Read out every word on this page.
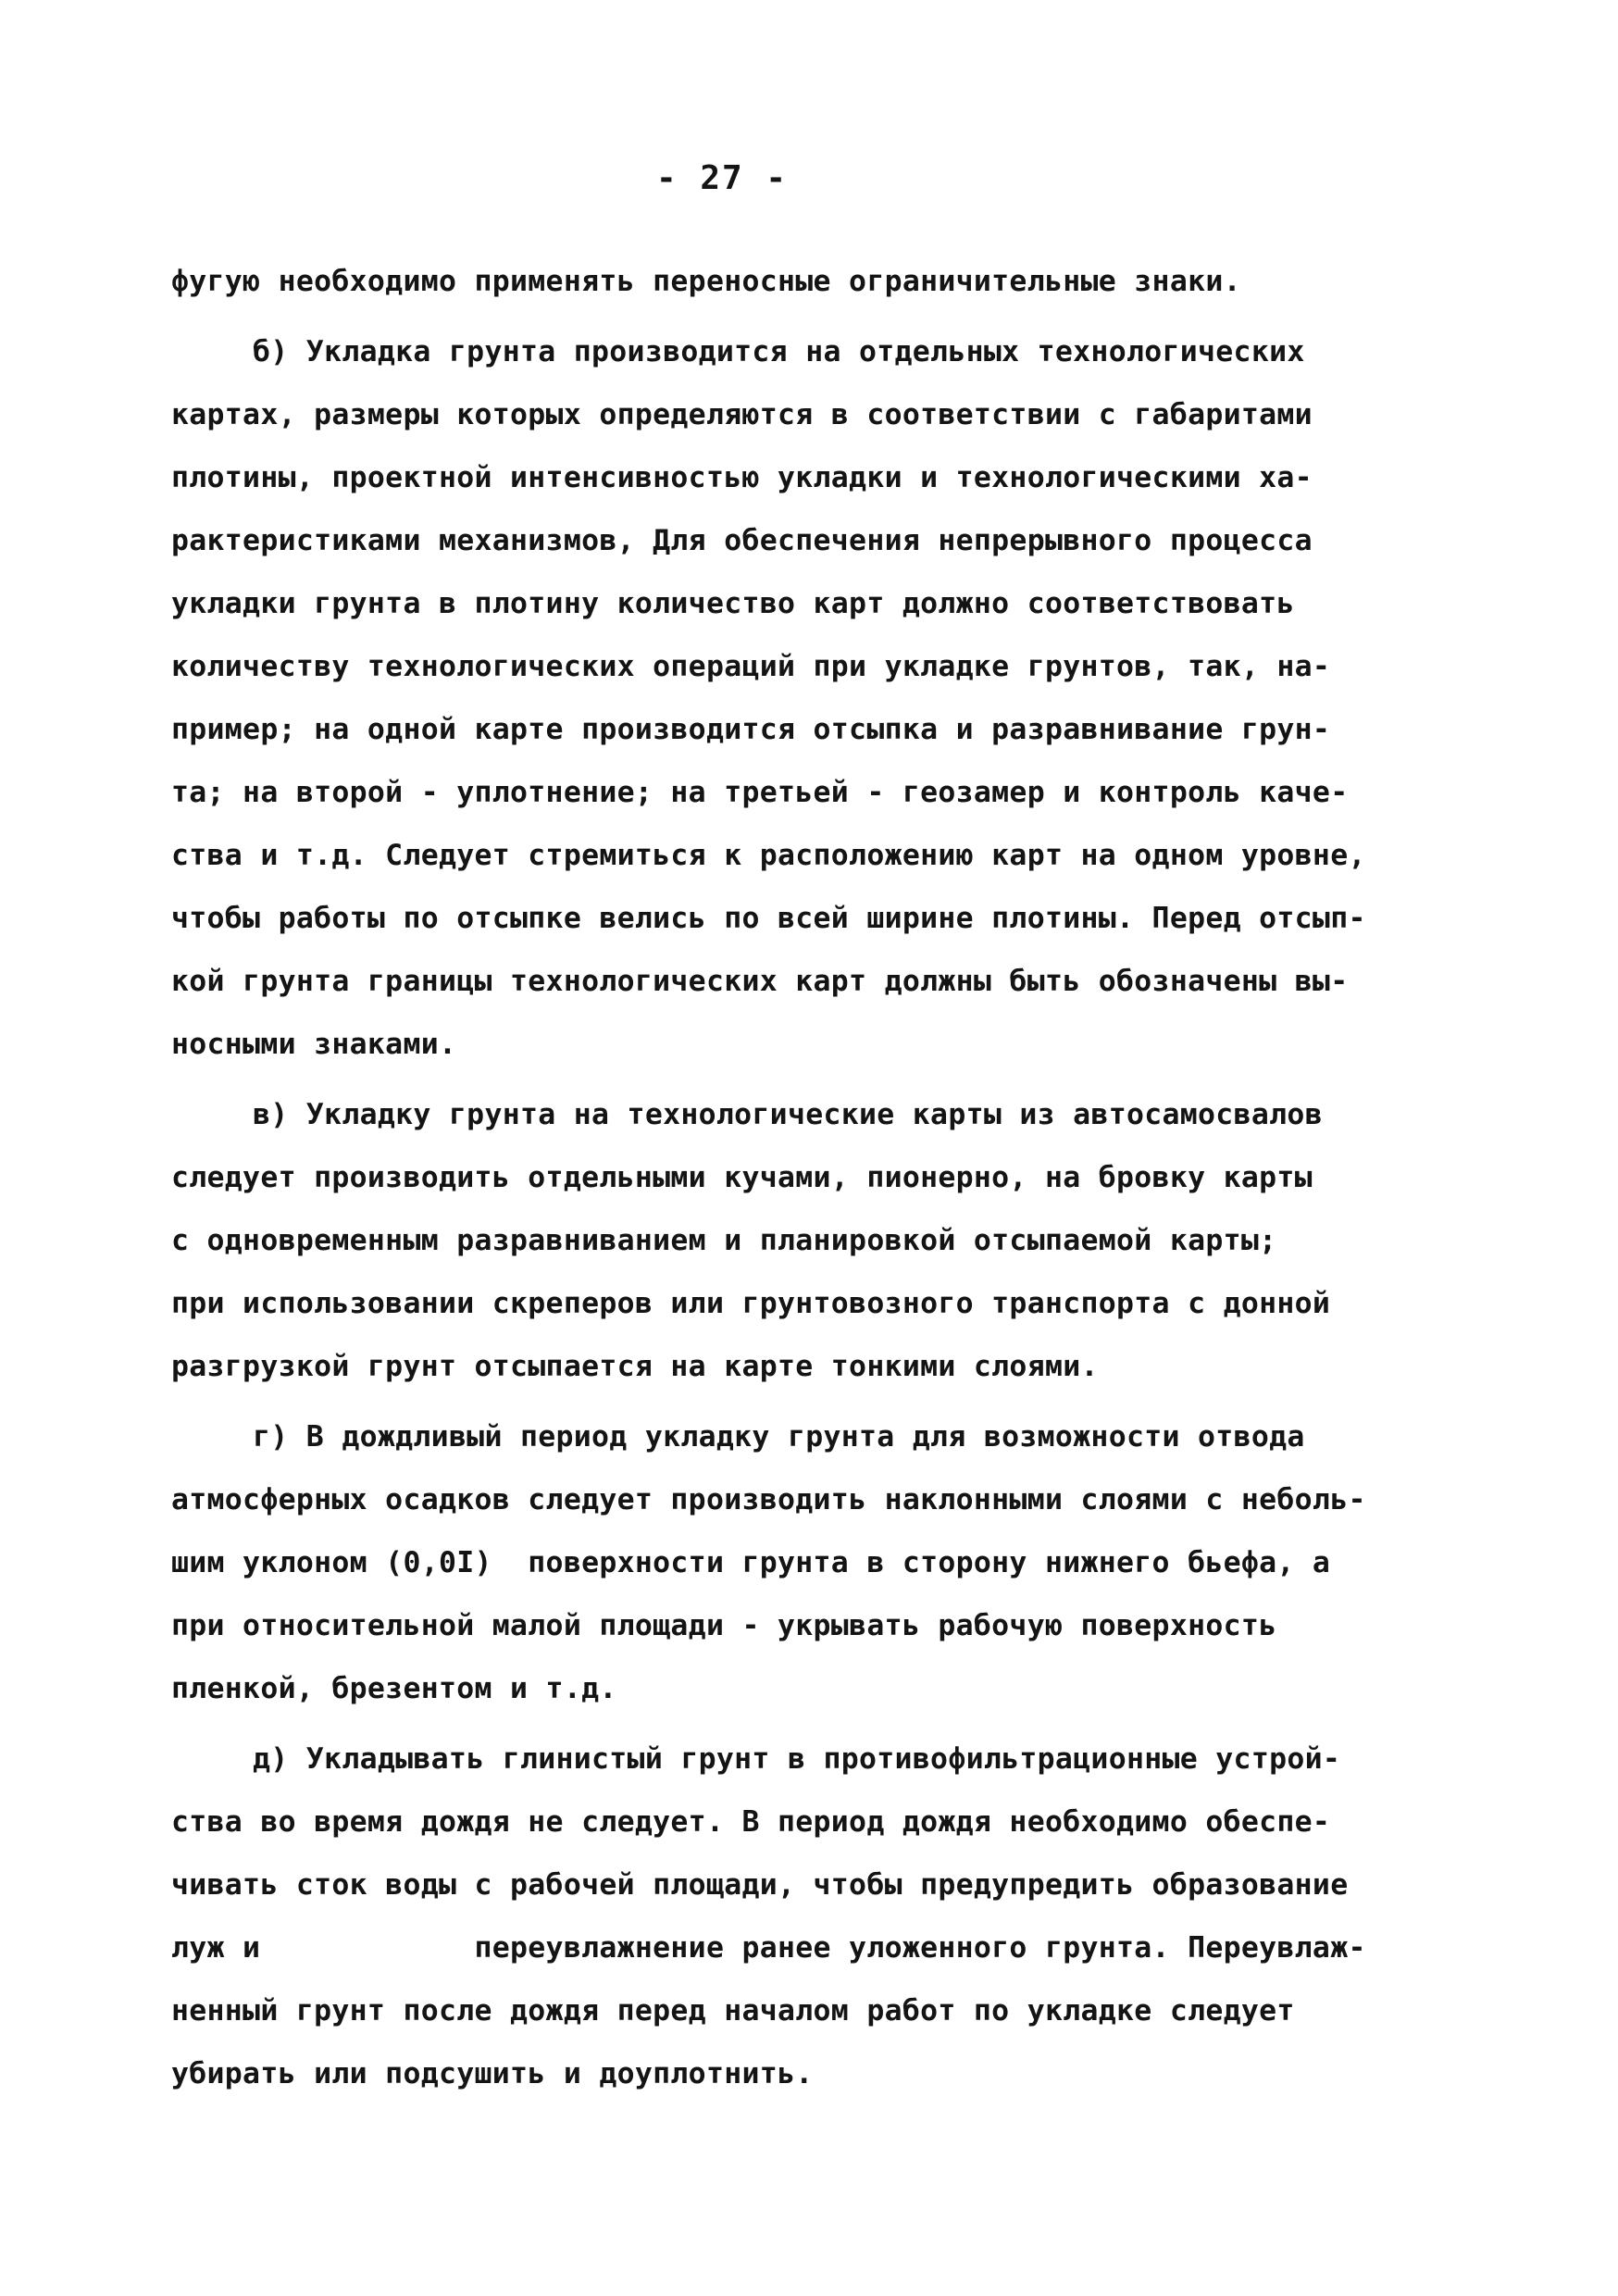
- 27 -
фугую необходимо применять переносные ограничительные знаки.
б) Укладка грунта производится на отдельных технологических
картах, размеры которых определяются в соответствии с габаритами
плотины, проектной интенсивностью укладки и технологическими ха-
рактеристиками механизмов, Для обеспечения непрерывного процесса
укладки грунта в плотину количество карт должно соответствовать
количеству технологических операций при укладке грунтов, так, на-
пример; на одной карте производится отсыпка и разравнивание грун-
та; на второй - уплотнение; на третьей - геозамер и контроль каче-
ства и т.д. Следует стремиться к расположению карт на одном уровне,
чтобы работы по отсыпке велись по всей ширине плотины. Перед отсып-
кой грунта границы технологических карт должны быть обозначены вы-
носными знаками.
в) Укладку грунта на технологические карты из автосамосвалов
следует производить отдельными кучами, пионерно, на бровку карты
с одновременным разравниванием и планировкой отсыпаемой карты;
при использовании скреперов или грунтовозного транспорта с донной
разгрузкой грунт отсыпается на карте тонкими слоями.
г) В дождливый период укладку грунта для возможности отвода
атмосферных осадков следует производить наклонными слоями с неболь-
шим уклоном (0,0I)  поверхности грунта в сторону нижнего бьефа, а
при относительной малой площади - укрывать рабочую поверхность
пленкой, брезентом и т.д.
д) Укладывать глинистый грунт в противофильтрационные устрой-
ства во время дождя не следует. В период дождя необходимо обеспе-
чивать сток воды с рабочей площади, чтобы предупредить образование
луж и            переувлажнение ранее уложенного грунта. Переувлаж-
ненный грунт после дождя перед началом работ по укладке следует
убирать или подсушить и доуплотнить.
